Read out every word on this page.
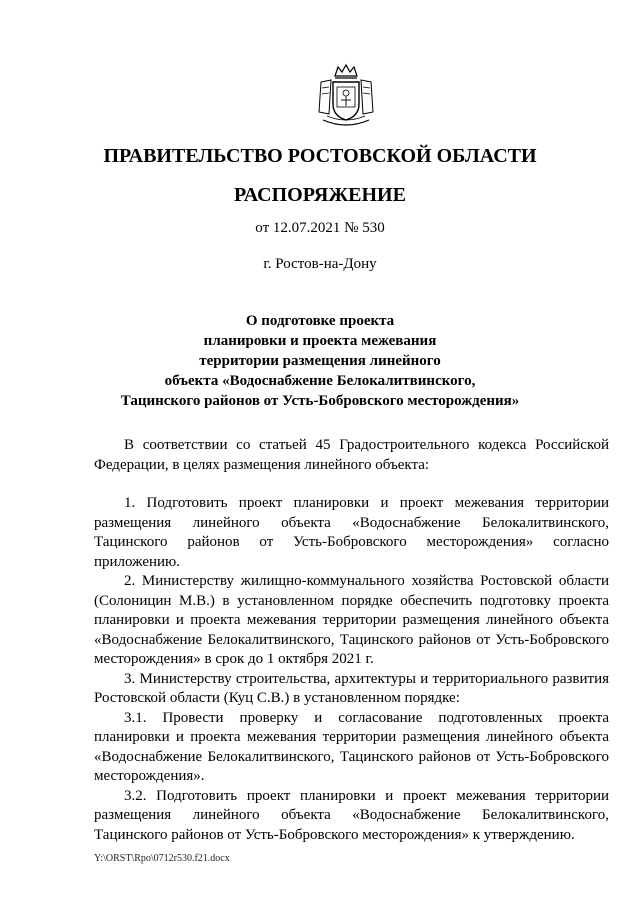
ПРАВИТЕЛЬСТВО РОСТОВСКОЙ ОБЛАСТИ
РАСПОРЯЖЕНИЕ
от 12.07.2021 № 530
г. Ростов-на-Дону
О подготовке проекта
планировки и проекта межевания
территории размещения линейного
объекта «Водоснабжение Белокалитвинского,
Тацинского районов от Усть-Бобровского месторождения»

В соответствии со статьей 45 Градостроительного кодекса Российской Федерации, в целях размещения линейного объекта:

1. Подготовить проект планировки и проект межевания территории размещения линейного объекта «Водоснабжение Белокалитвинского, Тацинского районов от Усть-Бобровского месторождения» согласно приложению.

2. Министерству жилищно-коммунального хозяйства Ростовской области (Солоницин М.В.) в установленном порядке обеспечить подготовку проекта планировки и проекта межевания территории размещения линейного объекта «Водоснабжение Белокалитвинского, Тацинского районов от Усть-Бобровского месторождения» в срок до 1 октября 2021 г.

3. Министерству строительства, архитектуры и территориального развития Ростовской области (Куц С.В.) в установленном порядке:

3.1. Провести проверку и согласование подготовленных проекта планировки и проекта межевания территории размещения линейного объекта «Водоснабжение Белокалитвинского, Тацинского районов от Усть-Бобровского месторождения».

3.2. Подготовить проект планировки и проект межевания территории размещения линейного объекта «Водоснабжение Белокалитвинского, Тацинского районов от Усть-Бобровского месторождения» к утверждению.

Y:\ORST\Rpo\0712r530.f21.docx
